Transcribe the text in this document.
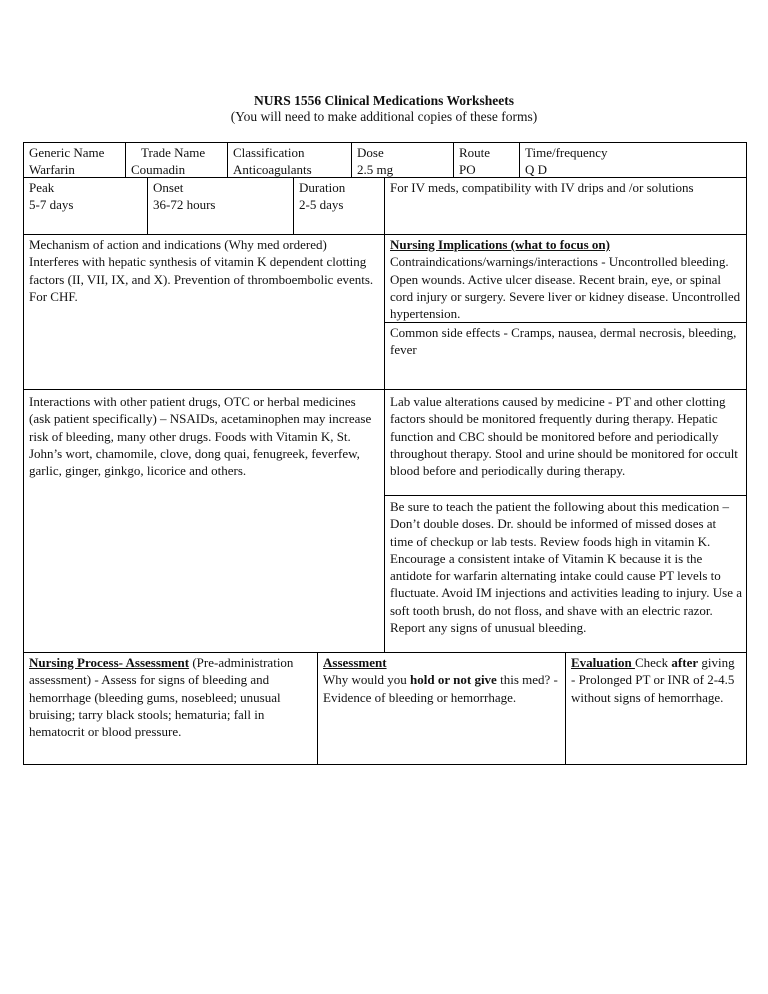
NURS 1556 Clinical Medications Worksheets
(You will need to make additional copies of these forms)
Generic Name
Warfarin
Trade Name
Coumadin
Classification
Anticoagulants
Dose
2.5 mg
Route
PO
Time/frequency
Q D
Peak
5-7 days
Onset
36-72 hours
Duration
2-5 days
For IV meds, compatibility with IV drips and /or solutions
Mechanism of action and indications (Why med ordered)
Interferes with hepatic synthesis of vitamin K dependent clotting factors (II, VII, IX, and X). Prevention of thromboembolic events. For CHF.
Nursing Implications (what to focus on)
Contraindications/warnings/interactions - Uncontrolled bleeding. Open wounds. Active ulcer disease. Recent brain, eye, or spinal cord injury or surgery. Severe liver or kidney disease. Uncontrolled hypertension.
Common side effects - Cramps, nausea, dermal necrosis, bleeding, fever
Interactions with other patient drugs, OTC or herbal medicines (ask patient specifically) – NSAIDs, acetaminophen may increase risk of bleeding, many other drugs. Foods with Vitamin K, St. John’s wort, chamomile, clove, dong quai, fenugreek, feverfew, garlic, ginger, ginkgo, licorice and others.
Lab value alterations caused by medicine - PT and other clotting factors should be monitored frequently during therapy. Hepatic function and CBC should be monitored before and periodically throughout therapy. Stool and urine should be monitored for occult blood before and periodically during therapy.
Be sure to teach the patient the following about this medication – Don’t double doses. Dr. should be informed of missed doses at time of checkup or lab tests. Review foods high in vitamin K. Encourage a consistent intake of Vitamin K because it is the antidote for warfarin alternating intake could cause PT levels to fluctuate. Avoid IM injections and activities leading to injury. Use a soft tooth brush, do not floss, and shave with an electric razor. Report any signs of unusual bleeding.

Nursing Process- Assessment (Pre-administration assessment) - Assess for signs of bleeding and hemorrhage (bleeding gums, nosebleed; unusual bruising; tarry black stools; hematuria; fall in hematocrit or blood pressure.

Assessment

Why would you hold or not give this med? - Evidence of bleeding or hemorrhage.

Evaluation Check after giving - Prolonged PT or INR of 2-4.5 without signs of hemorrhage.
